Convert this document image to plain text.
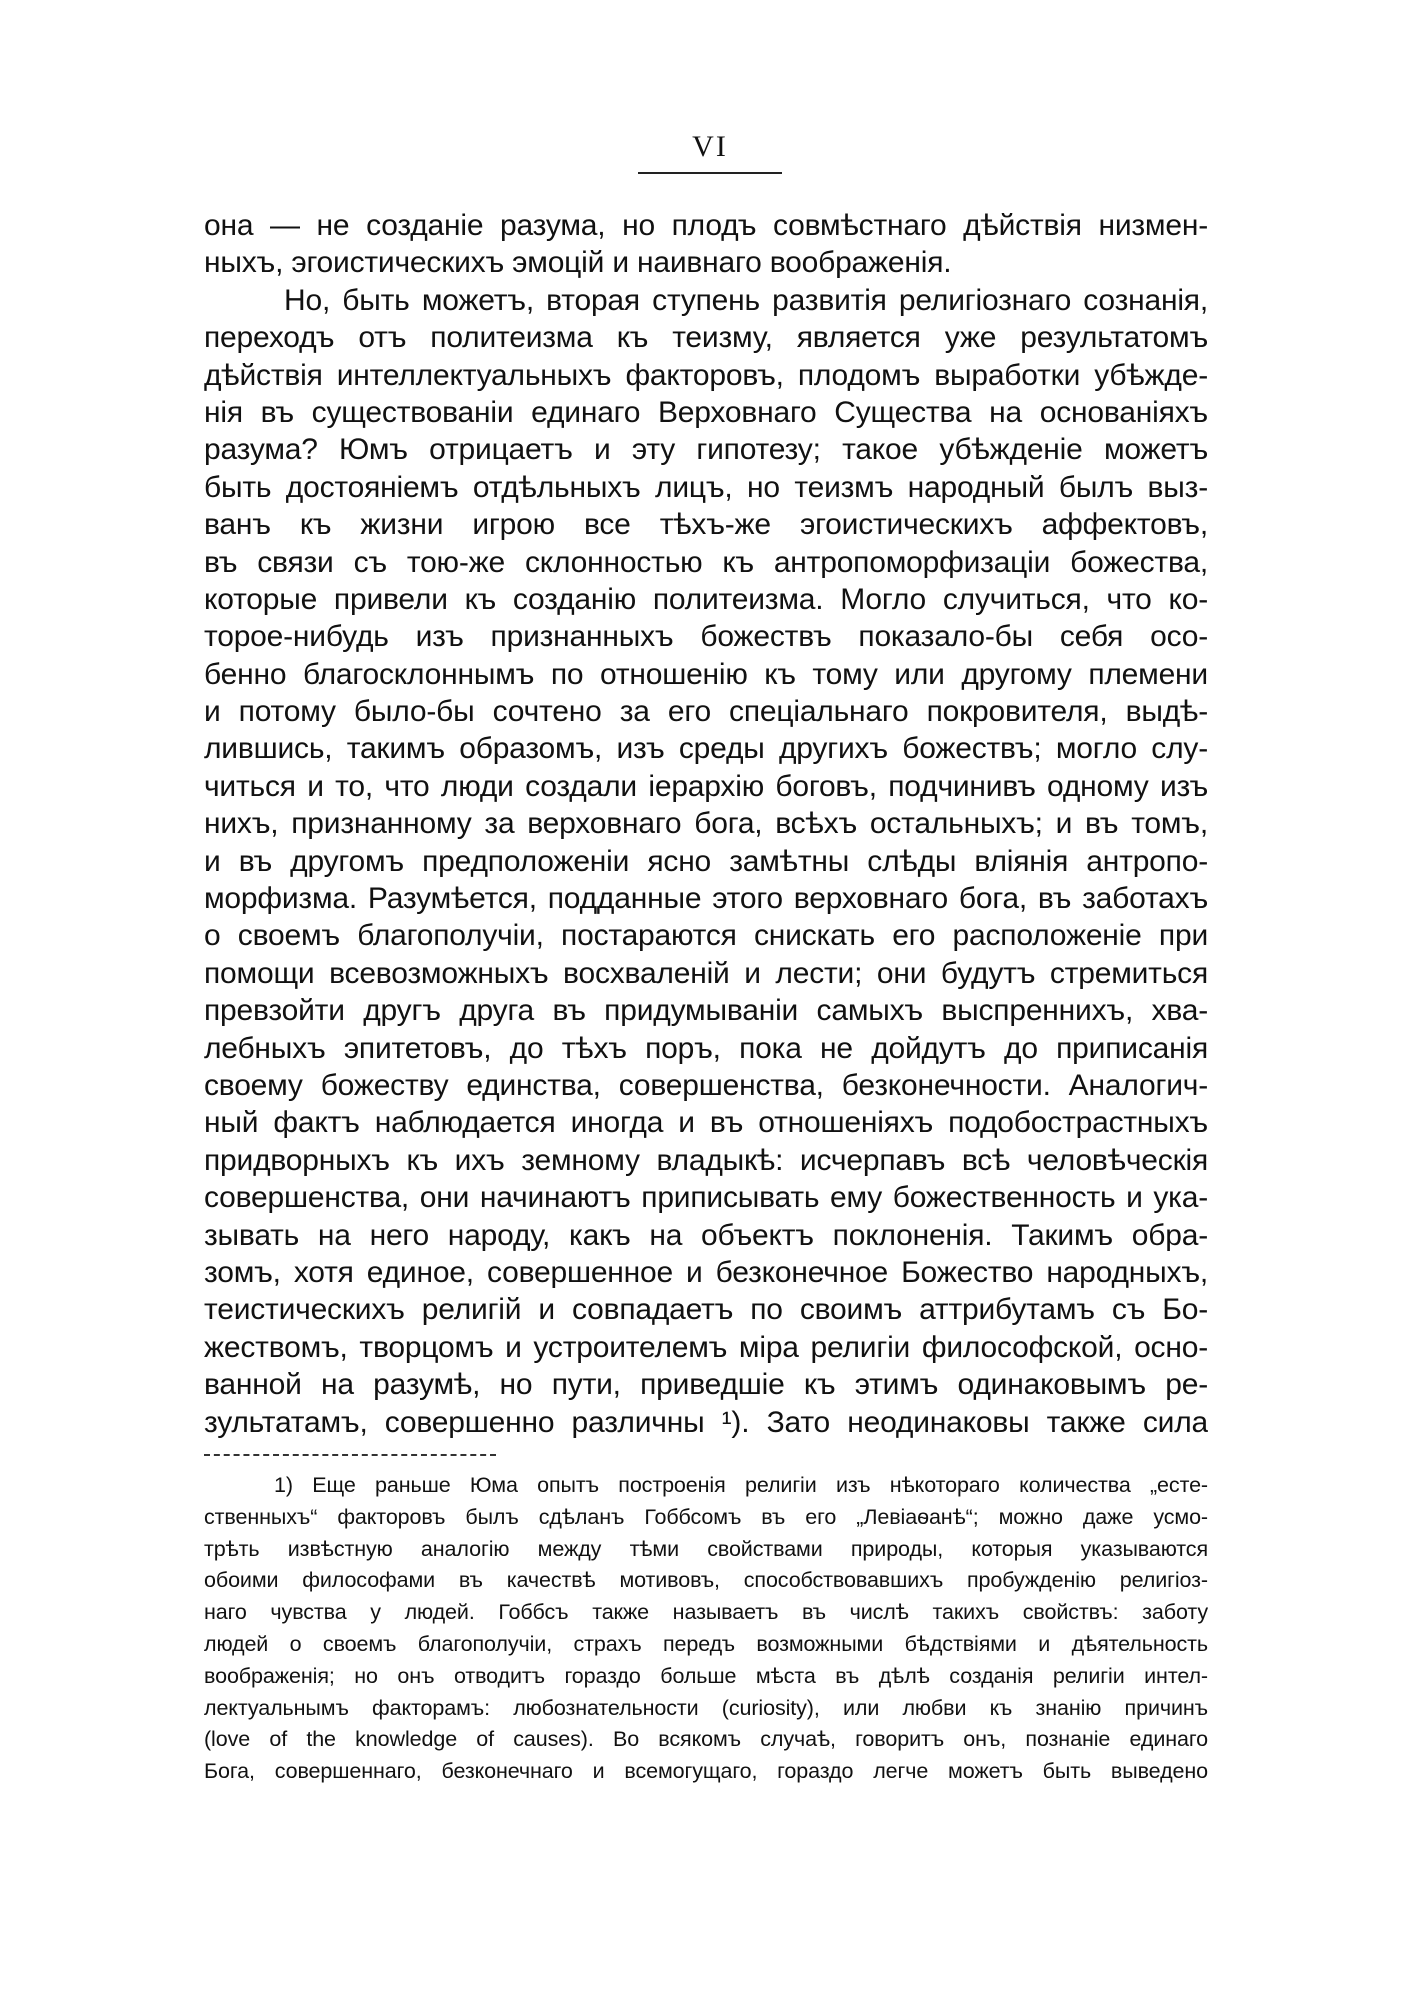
VI
она — не созданіе разума, но плодъ совмѣстнаго дѣйствія низмен-
ныхъ, эгоистическихъ эмоцій и наивнаго воображенія.
Но, быть можетъ, вторая ступень развитія религіознаго сознанія,
переходъ отъ политеизма къ теизму, является уже результатомъ
дѣйствія интеллектуальныхъ факторовъ, плодомъ выработки убѣжде-
нія въ существованіи единаго Верховнаго Существа на основаніяхъ
разума? Юмъ отрицаетъ и эту гипотезу; такое убѣжденіе можетъ
быть достояніемъ отдѣльныхъ лицъ, но теизмъ народный былъ выз-
ванъ къ жизни игрою все тѣхъ-же эгоистическихъ аффектовъ,
въ связи съ тою-же склонностью къ антропоморфизаціи божества,
которые привели къ созданію политеизма. Могло случиться, что ко-
торое-нибудь изъ признанныхъ божествъ показало-бы себя осо-
бенно благосклоннымъ по отношенію къ тому или другому племени
и потому было-бы сочтено за его спеціальнаго покровителя, выдѣ-
лившись, такимъ образомъ, изъ среды другихъ божествъ; могло слу-
читься и то, что люди создали іерархію боговъ, подчинивъ одному изъ
нихъ, признанному за верховнаго бога, всѣхъ остальныхъ; и въ томъ,
и въ другомъ предположеніи ясно замѣтны слѣды вліянія антропо-
морфизма. Разумѣется, подданные этого верховнаго бога, въ заботахъ
о своемъ благополучіи, постараются снискать его расположеніе при
помощи всевозможныхъ восхваленій и лести; они будутъ стремиться
превзойти другъ друга въ придумываніи самыхъ выспреннихъ, хва-
лебныхъ эпитетовъ, до тѣхъ поръ, пока не дойдутъ до приписанія
своему божеству единства, совершенства, безконечности. Аналогич-
ный фактъ наблюдается иногда и въ отношеніяхъ подобострастныхъ
придворныхъ къ ихъ земному владыкѣ: исчерпавъ всѣ человѣческія
совершенства, они начинаютъ приписывать ему божественность и ука-
зывать на него народу, какъ на объектъ поклоненія. Такимъ обра-
зомъ, хотя единое, совершенное и безконечное Божество народныхъ,
теистическихъ религій и совпадаетъ по своимъ аттрибутамъ съ Бо-
жествомъ, творцомъ и устроителемъ міра религіи философской, осно-
ванной на разумѣ, но пути, приведшіе къ этимъ одинаковымъ ре-
зультатамъ, совершенно различны ¹). Зато неодинаковы также сила
1) Еще раньше Юма опытъ построенія религіи изъ нѣкотораго количества „есте-
ственныхъ“ факторовъ былъ сдѣланъ Гоббсомъ въ его „Левіаѳанѣ“; можно даже усмо-
трѣть извѣстную аналогію между тѣми свойствами природы, которыя указываются
обоими философами въ качествѣ мотивовъ, способствовавшихъ пробужденію религіоз-
наго чувства у людей. Гоббсъ также называетъ въ числѣ такихъ свойствъ: заботу
людей о своемъ благополучіи, страхъ передъ возможными бѣдствіями и дѣятельность
воображенія; но онъ отводитъ гораздо больше мѣста въ дѣлѣ созданія религіи интел-
лектуальнымъ факторамъ: любознательности (curiosity), или любви къ знанію причинъ
(love of the knowledge of causes). Во всякомъ случаѣ, говоритъ онъ, познаніе единаго
Бога, совершеннаго, безконечнаго и всемогущаго, гораздо легче можетъ быть выведено
